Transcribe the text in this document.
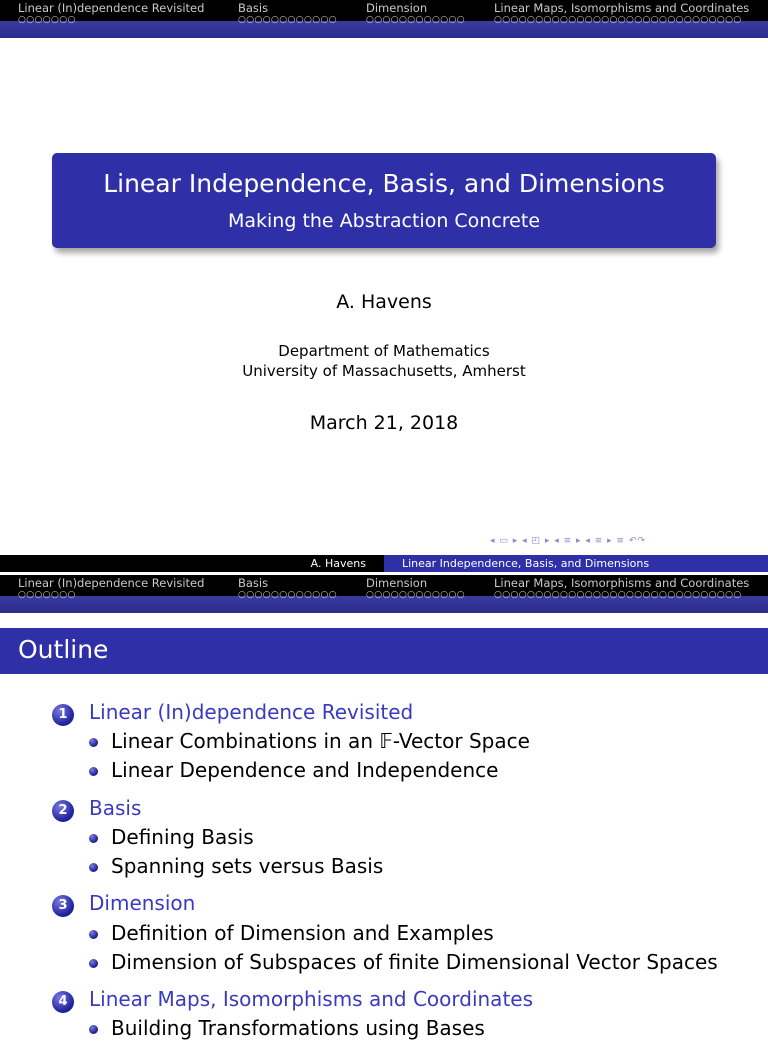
Linear (In)dependence Revisited
○○○○○○○
Basis
○○○○○○○○○○○○
Dimension
○○○○○○○○○○○○
Linear Maps, Isomorphisms and Coordinates
○○○○○○○○○○○○○○○○○○○○○○○○○○○○○○
Linear Independence, Basis, and Dimensions
Making the Abstraction Concrete
A. Havens
Department of Mathematics
University of Massachusetts, Amherst
March 21, 2018
◂ ▭ ▸ ◂ ◰ ▸ ◂ ≡ ▸ ◂ ≡ ▸ ≡ ↶↷
A. Havens	Linear Independence, Basis, and Dimensions
Linear (In)dependence Revisited
○○○○○○○
Basis
○○○○○○○○○○○○
Dimension
○○○○○○○○○○○○
Linear Maps, Isomorphisms and Coordinates
○○○○○○○○○○○○○○○○○○○○○○○○○○○○○○
Outline
1	Linear (In)dependence Revisited
Linear Combinations in an 𝔽-Vector Space
Linear Dependence and Independence
2	Basis
Defining Basis
Spanning sets versus Basis
3	Dimension
Definition of Dimension and Examples
Dimension of Subspaces of finite Dimensional Vector Spaces
4	Linear Maps, Isomorphisms and Coordinates
Building Transformations using Bases
